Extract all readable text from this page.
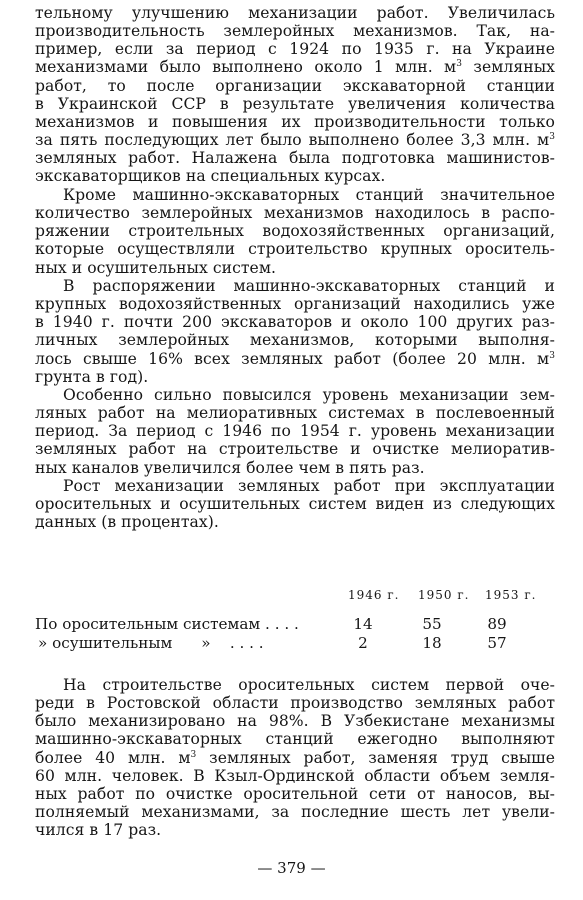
тельному улучшению механизации работ. Увеличилась
производительность землеройных механизмов. Так, на-
пример, если за период с 1924 по 1935 г. на Украине
механизмами было выполнено около 1 млн. $м^3$ земляных
работ, то после организации экскаваторной станции
в Украинской ССР в результате увеличения количества
механизмов и повышения их производительности только
за пять последующих лет было выполнено более 3,3 млн. $м^3$
земляных работ. Налажена была подготовка машинистов-
экскаваторщиков на специальных курсах.
Кроме машинно-экскаваторных станций значительное
количество землеройных механизмов находилось в распо-
ряжении строительных водохозяйственных организаций,
которые осуществляли строительство крупных ороситель-
ных и осушительных систем.
В распоряжении машинно-экскаваторных станций и
крупных водохозяйственных организаций находились уже
в 1940 г. почти 200 экскаваторов и около 100 других раз-
личных землеройных механизмов, которыми выполня-
лось свыше 16% всех земляных работ (более 20 млн. $м^3$
грунта в год).
Особенно сильно повысился уровень механизации зем-
ляных работ на мелиоративных системах в послевоенный
период. За период с 1946 по 1954 г. уровень механизации
земляных работ на строительстве и очистке мелиоратив-
ных каналов увеличился более чем в пять раз.
Рост механизации земляных работ при эксплуатации
оросительных и осушительных систем виден из следующих
данных (в процентах).
1946 г. 1950 г. 1953 г.
По оросительным системам . . . .	14	55	89
» осушительным      »    . . . .	2	18	57
На строительстве оросительных систем первой оче-
реди в Ростовской области производство земляных работ
было механизировано на 98%. В Узбекистане механизмы
машинно-экскаваторных станций ежегодно выполняют
более 40 млн. $м^3$ земляных работ, заменяя труд свыше
60 млн. человек. В Кзыл-Ординской области объем земля-
ных работ по очистке оросительной сети от наносов, вы-
полняемый механизмами, за последние шесть лет увели-
чился в 17 раз.
— 379 —
